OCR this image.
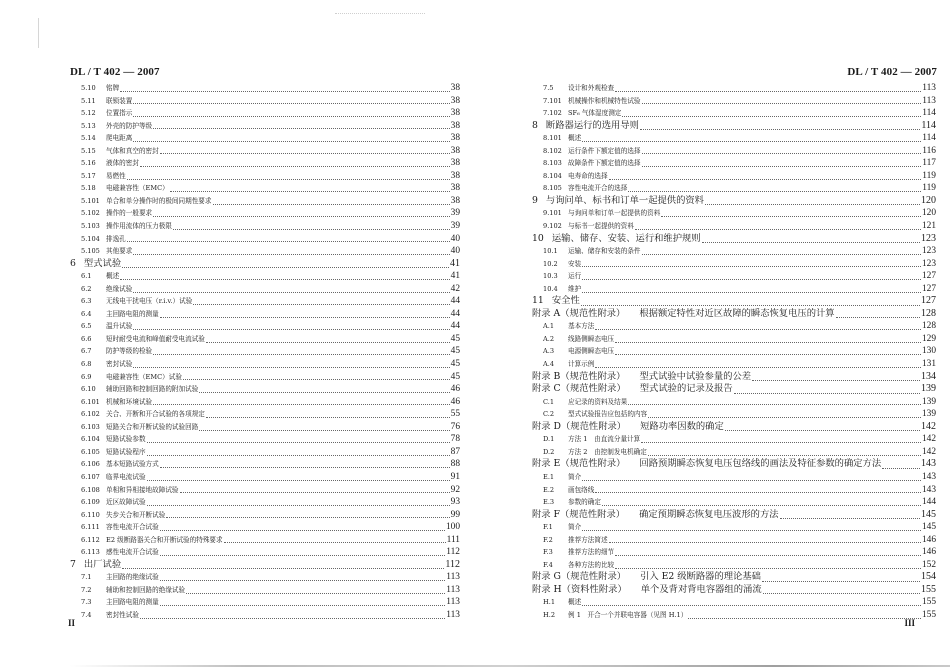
DL / T 402 — 2007
5.10	铭牌	38
5.11	联锁装置	38
5.12	位置指示	38
5.13	外壳的防护等级	38
5.14	爬电距离	38
5.15	气体和真空的密封	38
5.16	液体的密封	38
5.17	易燃性	38
5.18	电磁兼容性（EMC）	38
5.101 单合和单分操作时的极间同期性要求	38
5.102 操作的一般要求	39
5.103 操作用流体的压力极限	39
5.104 排逸孔	40
5.105 其他要求	40
6 型式试验	41
6.1	概述	41
6.2	绝缘试验	42
6.3	无线电干扰电压（r.i.v.）试验	44
6.4	主回路电阻的测量	44
6.5	温升试验	44
6.6	短时耐受电流和峰值耐受电流试验	45
6.7	防护等级的检验	45
6.8	密封试验	45
6.9	电磁兼容性（EMC）试验	45
6.10	辅助回路和控制回路的附加试验	46
6.101 机械和环境试验	46
6.102 关合、开断和开合试验的各项规定	55
6.103 短路关合和开断试验的试验回路	76
6.104 短路试验参数	78
6.105 短路试验程序	87
6.106 基本短路试验方式	88
6.107 临界电流试验	91
6.108 单相和异相接地故障试验	92
6.109 近区故障试验	93
6.110 失步关合和开断试验	99
6.111 容性电流开合试验	100
6.112 E2 级断路器关合和开断试验的特殊要求	111
6.113 感性电流开合试验	112
7 出厂试验	112
7.1	主回路的绝缘试验	113
7.2	辅助和控制回路的绝缘试验	113
7.3	主回路电阻的测量	113
7.4	密封性试验	113
II
DL / T 402 — 2007
7.5	设计和外观检查	113
7.101 机械操作和机械特性试验	113
7.102 SF₆ 气体湿度测定	114
8 断路器运行的选用导则	114
8.101 概述	114
8.102 运行条件下额定值的选择	116
8.103 故障条件下额定值的选择	117
8.104 电寿命的选择	119
8.105 容性电流开合的选择	119
9 与询问单、标书和订单一起提供的资料	120
9.101 与询问单和订单一起提供的资料	120
9.102 与标书一起提供的资料	121
10 运输、储存、安装、运行和维护规则	123
10.1	运输、储存和安装的条件	123
10.2	安装	123
10.3	运行	127
10.4	维护	127
11 安全性	127
附录 A（规范性附录）	根据额定特性对近区故障的瞬态恢复电压的计算	128
A.1	基本方法	128
A.2	线路侧瞬态电压	129
A.3	电源侧瞬态电压	130
A.4	计算示例	131
附录 B（规范性附录）	型式试验中试验参量的公差	134
附录 C（规范性附录）	型式试验的记录及报告	139
C.1	应记录的资料及结果	139
C.2	型式试验报告应包括的内容	139
附录 D（规范性附录）	短路功率因数的确定	142
D.1	方法 1　由直流分量计算	142
D.2	方法 2　由控制发电机确定	142
附录 E（规范性附录）	回路预期瞬态恢复电压包络线的画法及特征参数的确定方法	143
E.1	简介	143
E.2	画包络线	143
E.3	参数的确定	144
附录 F（规范性附录）	确定预期瞬态恢复电压波形的方法	145
F.1	简介	145
F.2	推荐方法简述	146
F.3	推荐方法的细节	146
F.4	各种方法的比较	152
附录 G（规范性附录）	引入 E2 级断路器的理论基础	154
附录 H（资料性附录）	单个及背对背电容器组的涌流	155
H.1	概述	155
H.2	例 1　开合一个并联电容器（见图 H.1）	155
III
